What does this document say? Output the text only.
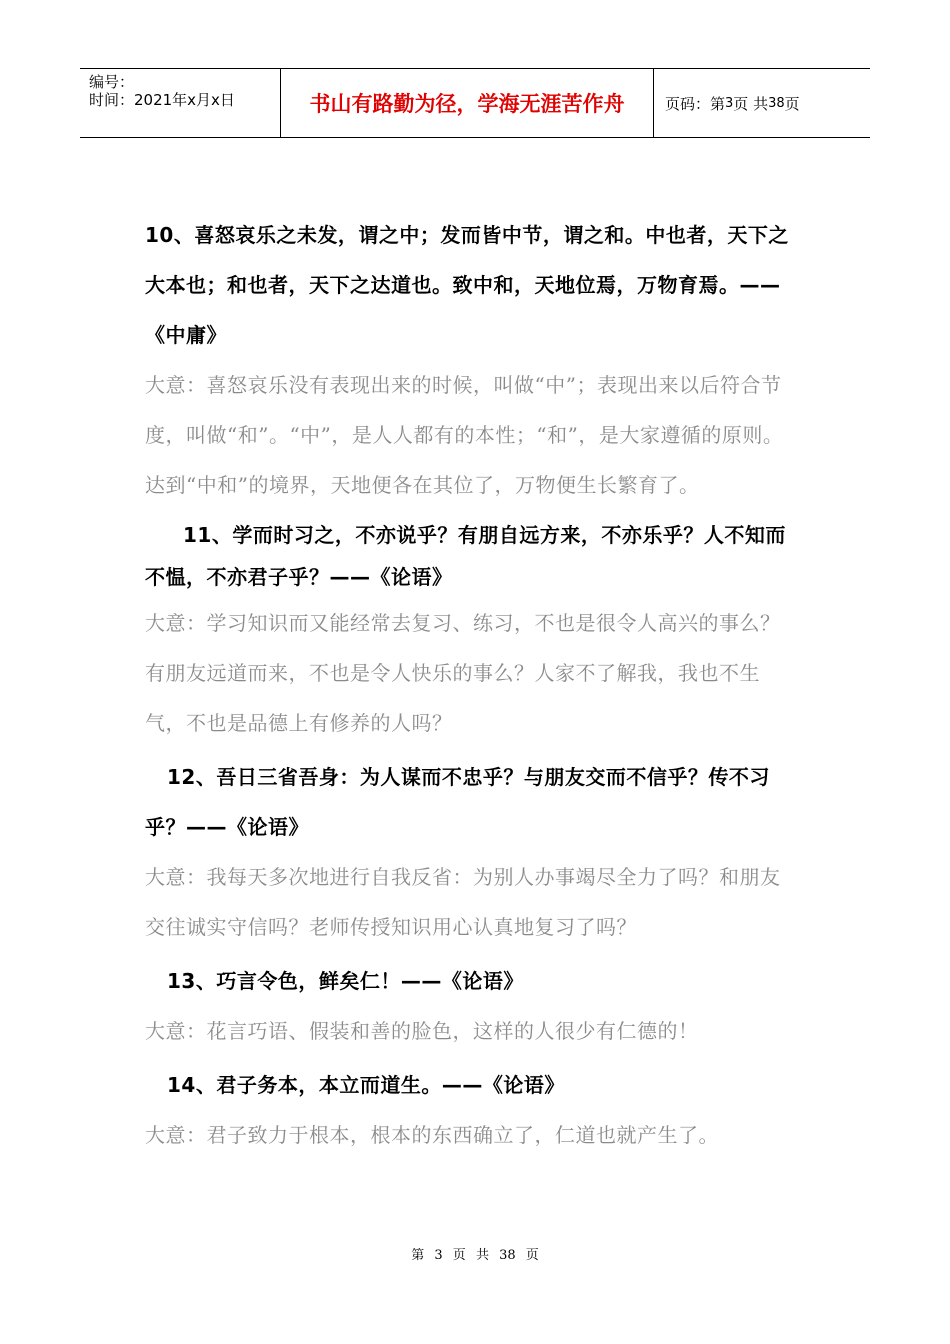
编号：
时间：2021年x月x日	书山有路勤为径，学海无涯苦作舟	页码：第 3 页 共 38 页

10、喜怒哀乐之未发，谓之中；发而皆中节，谓之和。中也者，天下之大本也；和也者，天下之达道也。致中和，天地位焉，万物育焉。——《中庸》

大意：喜怒哀乐没有表现出来的时候，叫做“中”；表现出来以后符合节度，叫做“和”。“中”，是人人都有的本性；“和”，是大家遵循的原则。达到“中和”的境界，天地便各在其位了，万物便生长繁育了。

11、学而时习之，不亦说乎？有朋自远方来，不亦乐乎？人不知而不愠，不亦君子乎？——《论语》

大意：学习知识而又能经常去复习、练习，不也是很令人高兴的事么？有朋友远道而来，不也是令人快乐的事么？人家不了解我，我也不生气，不也是品德上有修养的人吗？

12、吾日三省吾身：为人谋而不忠乎？与朋友交而不信乎？传不习乎？——《论语》

大意：我每天多次地进行自我反省：为别人办事竭尽全力了吗？和朋友交往诚实守信吗？老师传授知识用心认真地复习了吗？

13、巧言令色，鲜矣仁！——《论语》

大意：花言巧语、假装和善的脸色，这样的人很少有仁德的！

14、君子务本，本立而道生。——《论语》

大意：君子致力于根本，根本的东西确立了，仁道也就产生了。

第 3 页 共 38 页
